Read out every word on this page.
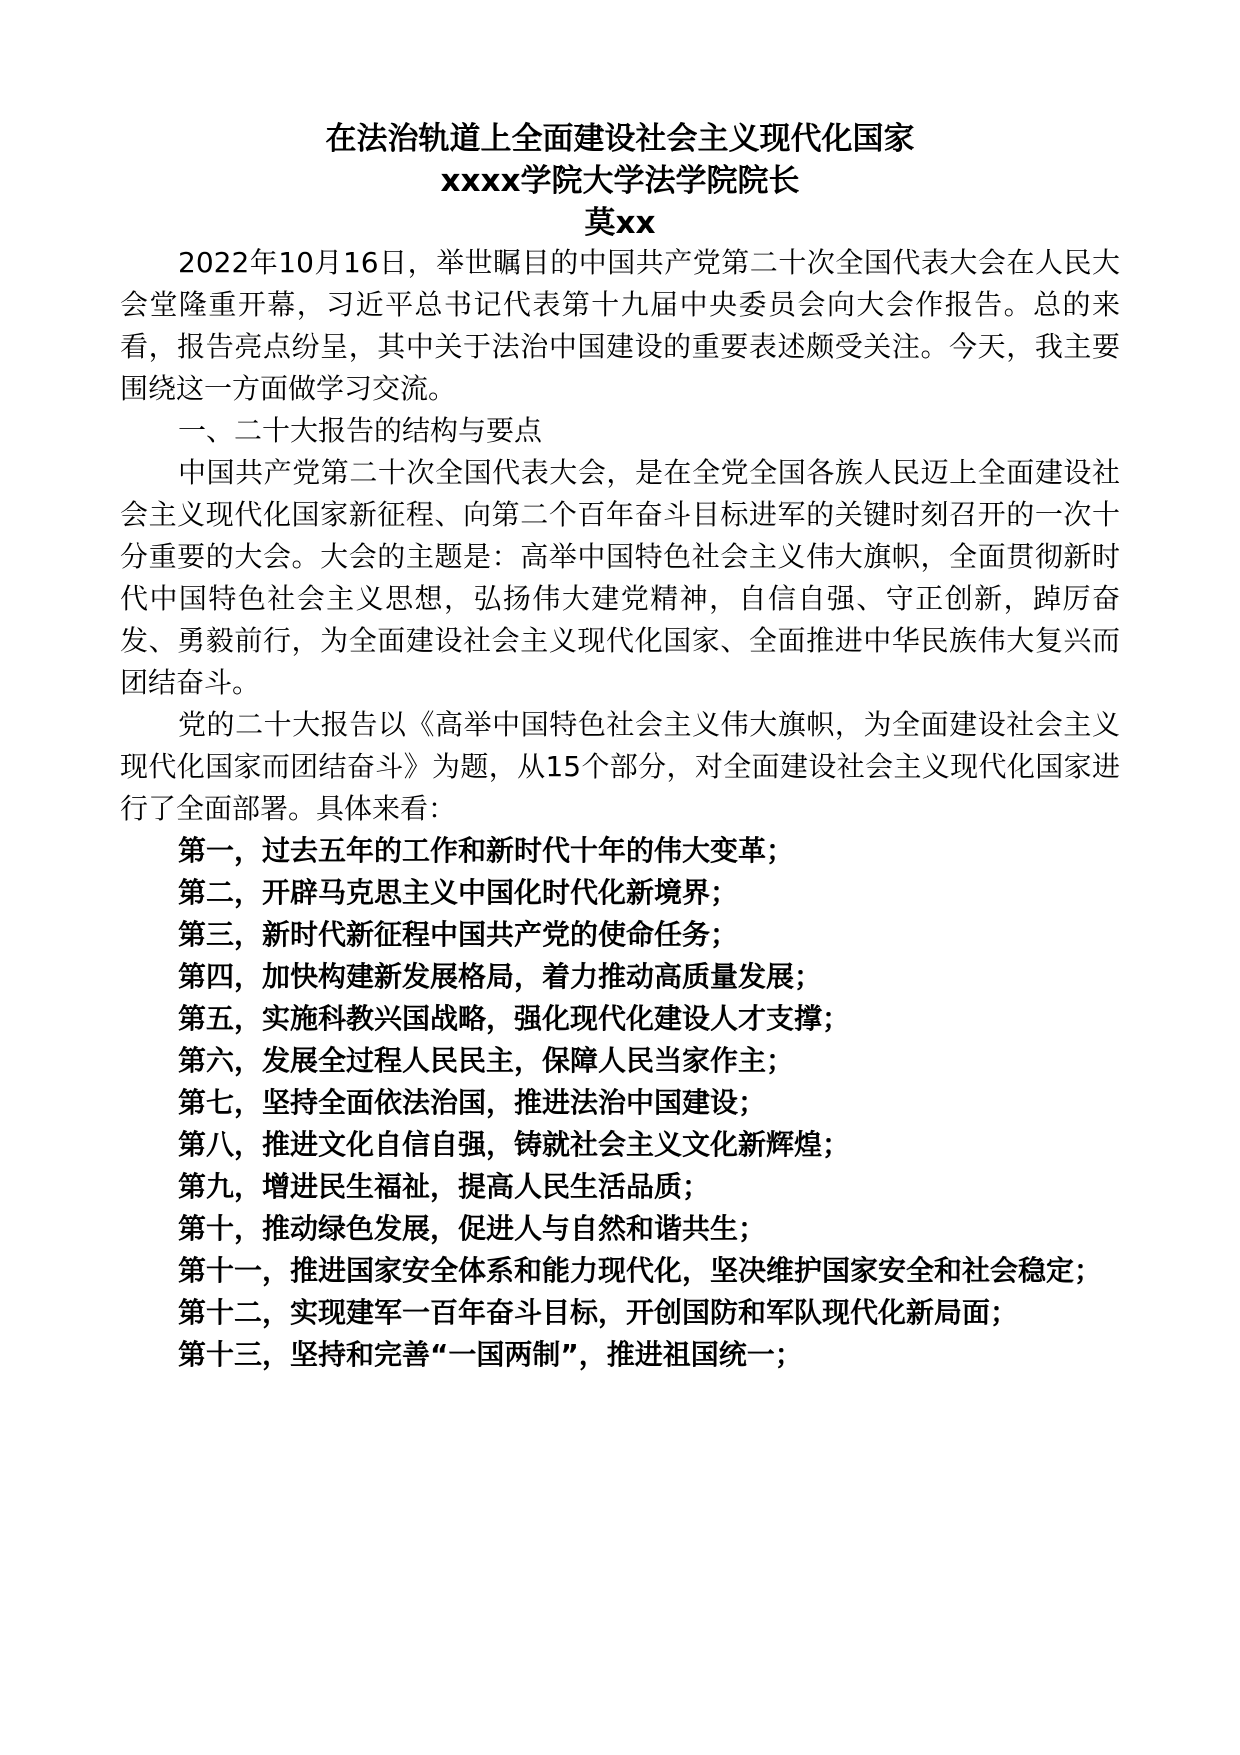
在法治轨道上全面建设社会主义现代化国家
xxxx学院大学法学院院长
莫xx

2022年10月16日，举世瞩目的中国共产党第二十次全国代表大会在人民大会堂隆重开幕，习近平总书记代表第十九届中央委员会向大会作报告。总的来看，报告亮点纷呈，其中关于法治中国建设的重要表述颇受关注。今天，我主要围绕这一方面做学习交流。

一、二十大报告的结构与要点

中国共产党第二十次全国代表大会，是在全党全国各族人民迈上全面建设社会主义现代化国家新征程、向第二个百年奋斗目标进军的关键时刻召开的一次十分重要的大会。大会的主题是：高举中国特色社会主义伟大旗帜，全面贯彻新时代中国特色社会主义思想，弘扬伟大建党精神，自信自强、守正创新，踔厉奋发、勇毅前行，为全面建设社会主义现代化国家、全面推进中华民族伟大复兴而团结奋斗。

党的二十大报告以《高举中国特色社会主义伟大旗帜，为全面建设社会主义现代化国家而团结奋斗》为题，从15个部分，对全面建设社会主义现代化国家进行了全面部署。具体来看：

第一，过去五年的工作和新时代十年的伟大变革；
第二，开辟马克思主义中国化时代化新境界；
第三，新时代新征程中国共产党的使命任务；
第四，加快构建新发展格局，着力推动高质量发展；
第五，实施科教兴国战略，强化现代化建设人才支撑；
第六，发展全过程人民民主，保障人民当家作主；
第七，坚持全面依法治国，推进法治中国建设；
第八，推进文化自信自强，铸就社会主义文化新辉煌；
第九，增进民生福祉，提高人民生活品质；
第十，推动绿色发展，促进人与自然和谐共生；
第十一，推进国家安全体系和能力现代化，坚决维护国家安全和社会稳定；
第十二，实现建军一百年奋斗目标，开创国防和军队现代化新局面；
第十三，坚持和完善“一国两制”，推进祖国统一；
